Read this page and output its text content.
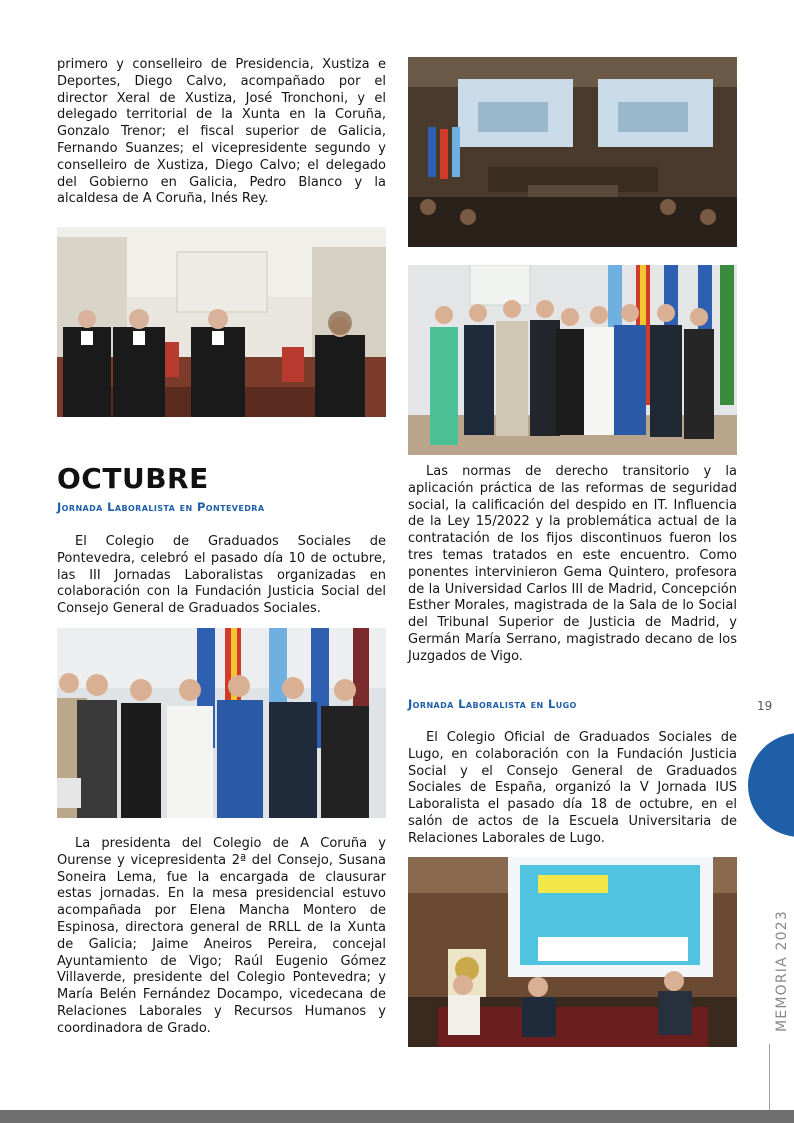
primero y conselleiro de Presidencia, Xustiza e Deportes, Diego Calvo, acompañado por el director Xeral de Xustiza, José Tronchoni, y el delegado territorial de la Xunta en la Coruña, Gonzalo Trenor; el fiscal superior de Galicia, Fernando Suanzes; el vicepresidente segundo y conselleiro de Xustiza, Diego Calvo; el delegado del Gobierno en Galicia, Pedro Blanco y la alcaldesa de A Coruña, Inés Rey.

OCTUBRE
Jornada Laboralista en Pontevedra

El Colegio de Graduados Sociales de Pontevedra, celebró el pasado día 10 de octubre, las III Jornadas Laboralistas organizadas en colaboración con la Fundación Justicia Social del Consejo General de Graduados Sociales.

La presidenta del Colegio de A Coruña y Ourense y vicepresidenta 2ª del Consejo, Susana Soneira Lema, fue la encargada de clausurar estas jornadas. En la mesa presidencial estuvo acompañada por Elena Mancha Montero de Espinosa, directora general de RRLL de la Xunta de Galicia; Jaime Aneiros Pereira, concejal Ayuntamiento de Vigo; Raúl Eugenio Gómez Villaverde, presidente del Colegio Pontevedra; y María Belén Fernández Docampo, vicedecana de Relaciones Laborales y Recursos Humanos y coordinadora de Grado.

Las normas de derecho transitorio y la aplicación práctica de las reformas de seguridad social, la calificación del despido en IT. Influencia de la Ley 15/2022 y la problemática actual de la contratación de los fijos discontinuos fueron los tres temas tratados en este encuentro. Como ponentes intervinieron Gema Quintero, profesora de la Universidad Carlos III de Madrid, Concepción Esther Morales, magistrada de la Sala de lo Social del Tribunal Superior de Justicia de Madrid, y Germán María Serrano, magistrado decano de los Juzgados de Vigo.

Jornada Laboralista en Lugo

El Colegio Oficial de Graduados Sociales de Lugo, en colaboración con la Fundación Justicia Social y el Consejo General de Graduados Sociales de España, organizó la V Jornada IUS Laboralista el pasado día 18 de octubre, en el salón de actos de la Escuela Universitaria de Relaciones Laborales de Lugo.

19
MEMORIA 2023
